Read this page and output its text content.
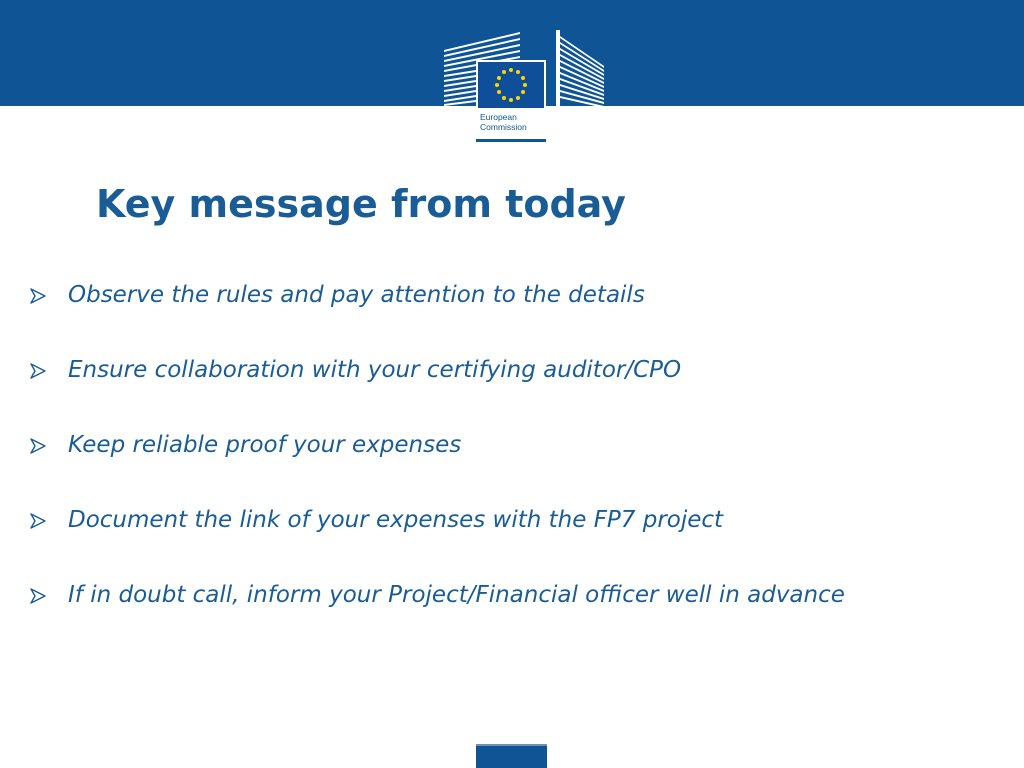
European
Commission
Key message from today
Observe the rules and pay attention to the details
Ensure collaboration with your certifying auditor/CPO
Keep reliable proof your expenses
Document the link of your expenses with the FP7 project
If in doubt call, inform your Project/Financial officer well in advance
